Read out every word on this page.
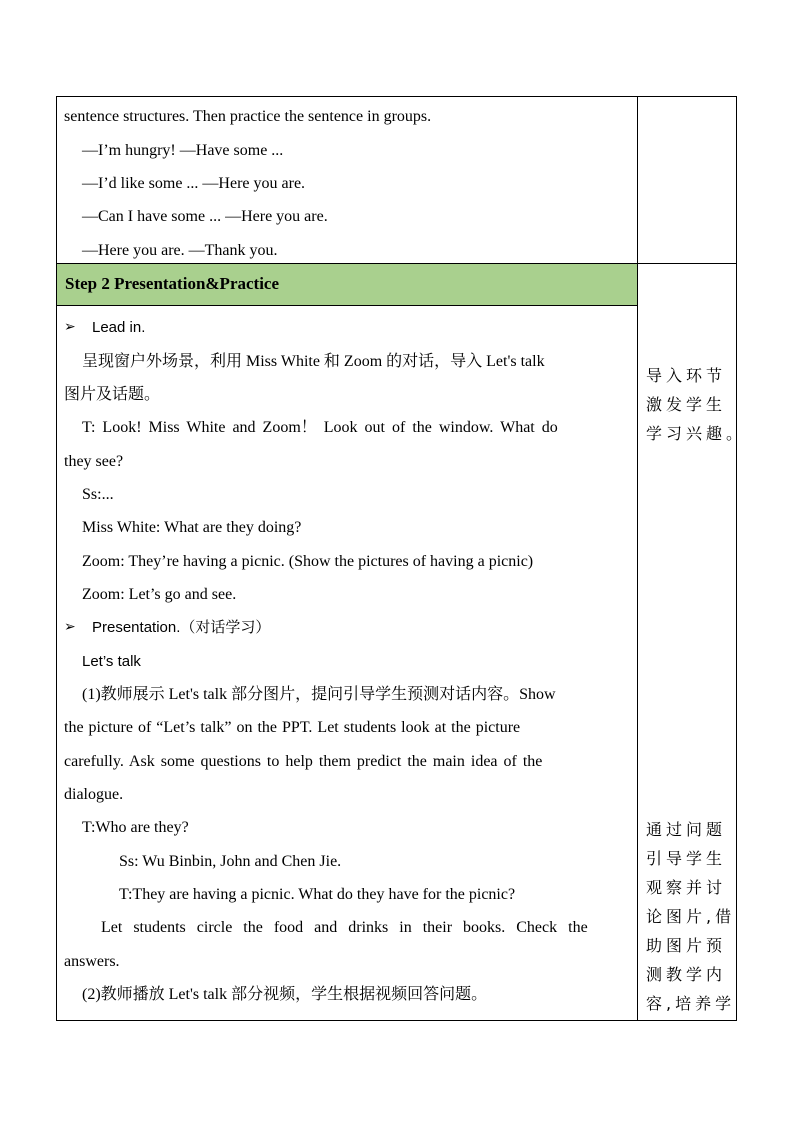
sentence structures. Then practice the sentence in groups.
—I’m hungry! —Have some ...
—I’d like some ... —Here you are.
—Can I have some ... —Here you are.
—Here you are. —Thank you.
Step 2 Presentation&Practice
➢ Lead in.
呈现窗户外场景，利用 Miss White 和 Zoom 的对话，导入 Let's talk
图片及话题。
T: Look! Miss White and Zoom！ Look out of the window. What do
they see?
Ss:...
Miss White: What are they doing?
Zoom: They’re having a picnic. (Show the pictures of having a picnic)
Zoom: Let’s go and see.
➢ Presentation.（对话学习）
Let’s talk
(1)教师展示 Let's talk 部分图片，提问引导学生预测对话内容。Show
the picture of “Let’s talk” on the PPT. Let students look at the picture
carefully. Ask some questions to help them predict the main idea of the
dialogue.
T:Who are they?
Ss: Wu Binbin, John and Chen Jie.
T:They are having a picnic. What do they have for the picnic?
Let students circle the food and drinks in their books. Check the
answers.
(2)教师播放 Let's talk 部分视频，学生根据视频回答问题。
导入环节
激发学生
学习兴趣。
通过问题
引导学生
观察并讨
论图片,借
助图片预
测教学内
容,培养学
